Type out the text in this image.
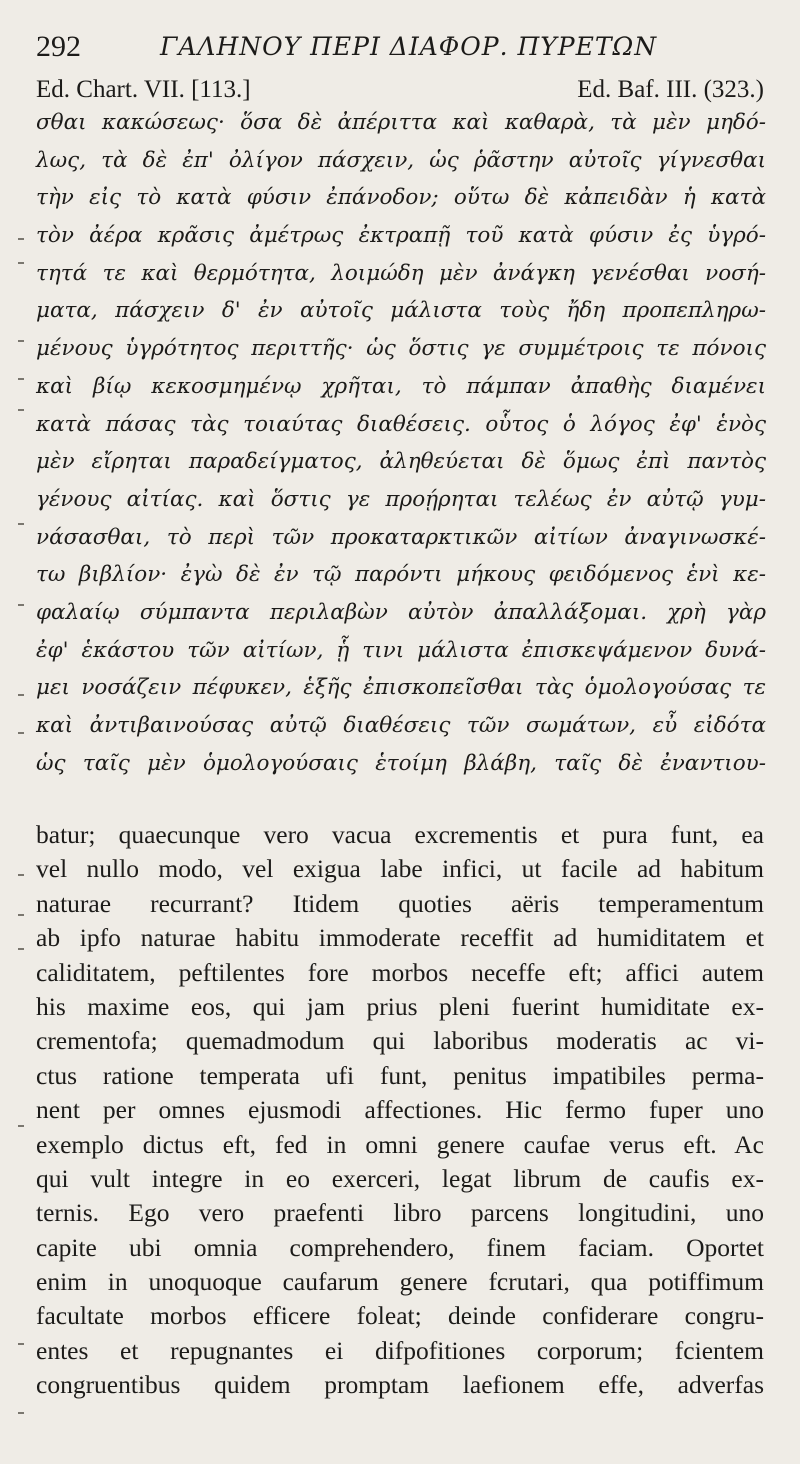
292	ΓΑΛΗΝΟΥ ΠΕΡΙ ΔΙΑΦΟΡ. ΠΥΡΕΤΩΝ
Ed. Chart. VII. [113.]	Ed. Baf. III. (323.)
σθαι κακώσεως· ὅσα δὲ ἀπέριττα καὶ καθαρὰ, τὰ μὲν μηδό-
λως, τὰ δὲ ἐπ' ὀλίγον πάσχειν, ὡς ῥᾶστην αὐτοῖς γίγνεσθαι
τὴν εἰς τὸ κατὰ φύσιν ἐπάνοδον; οὕτω δὲ κἀπειδὰν ἡ κατὰ
τὸν ἀέρα κρᾶσις ἀμέτρως ἐκτραπῇ τοῦ κατὰ φύσιν ἐς ὑγρό-
τητά τε καὶ θερμότητα, λοιμώδη μὲν ἀνάγκη γενέσθαι νοσή-
ματα, πάσχειν δ' ἐν αὐτοῖς μάλιστα τοὺς ἤδη προπεπληρω-
μένους ὑγρότητος περιττῆς· ὡς ὅστις γε συμμέτροις τε πόνοις
καὶ βίῳ κεκοσμημένῳ χρῆται, τὸ πάμπαν ἀπαθὴς διαμένει
κατὰ πάσας τὰς τοιαύτας διαθέσεις. οὗτος ὁ λόγος ἐφ' ἑνὸς
μὲν εἴρηται παραδείγματος, ἀληθεύεται δὲ ὅμως ἐπὶ παντὸς
γένους αἰτίας. καὶ ὅστις γε προῄρηται τελέως ἐν αὐτῷ γυμ-
νάσασθαι, τὸ περὶ τῶν προκαταρκτικῶν αἰτίων ἀναγινωσκέ-
τω βιβλίον· ἐγὼ δὲ ἐν τῷ παρόντι μήκους φειδόμενος ἑνὶ κε-
φαλαίῳ σύμπαντα περιλαβὼν αὐτὸν ἀπαλλάξομαι. χρὴ γὰρ
ἐφ' ἑκάστου τῶν αἰτίων, ᾗ τινι μάλιστα ἐπισκεψάμενον δυνά-
μει νοσάζειν πέφυκεν, ἑξῆς ἐπισκοπεῖσθαι τὰς ὁμολογούσας τε
καὶ ἀντιβαινούσας αὐτῷ διαθέσεις τῶν σωμάτων, εὖ εἰδότα
ὡς ταῖς μὲν ὁμολογούσαις ἑτοίμη βλάβη, ταῖς δὲ ἐναντιου-
batur; quaecunque vero vacua excrementis et pura funt, ea
vel nullo modo, vel exigua labe infici, ut facile ad habitum
naturae recurrant? Itidem quoties aëris temperamentum
ab ipfo naturae habitu immoderate receffit ad humiditatem et
caliditatem, peftilentes fore morbos neceffe eft; affici autem
his maxime eos, qui jam prius pleni fuerint humiditate ex-
crementofa; quemadmodum qui laboribus moderatis ac vi-
ctus ratione temperata ufi funt, penitus impatibiles perma-
nent per omnes ejusmodi affectiones. Hic fermo fuper uno
exemplo dictus eft, fed in omni genere caufae verus eft. Ac
qui vult integre in eo exerceri, legat librum de caufis ex-
ternis. Ego vero praefenti libro parcens longitudini, uno
capite ubi omnia comprehendero, finem faciam. Oportet
enim in unoquoque caufarum genere fcrutari, qua potiffimum
facultate morbos efficere foleat; deinde confiderare congru-
entes et repugnantes ei difpofitiones corporum; fcientem
congruentibus quidem promptam laefionem effe, adverfas
